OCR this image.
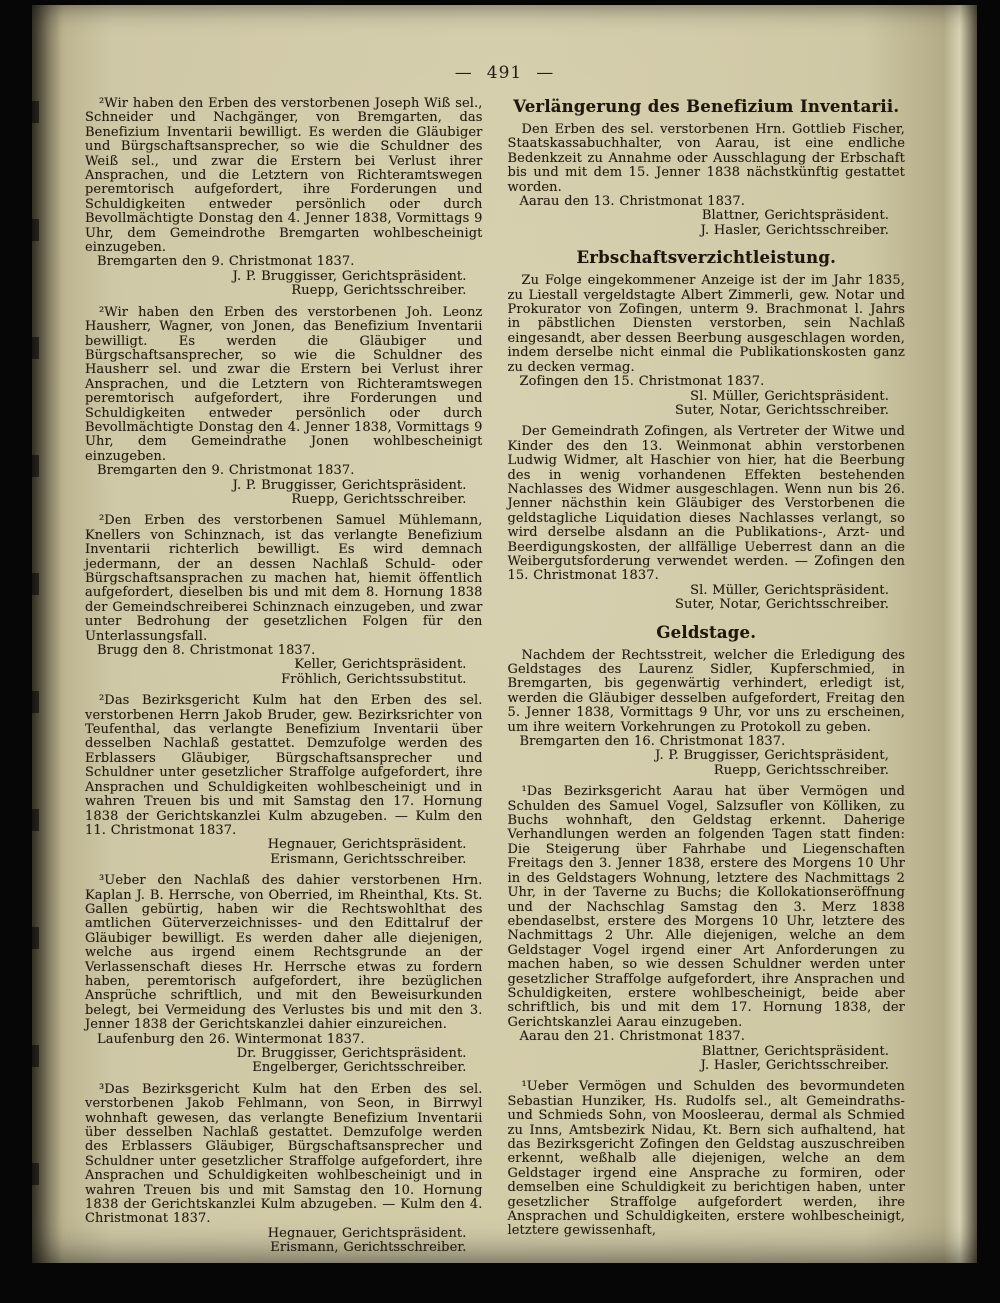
— 491 —

²Wir haben den Erben des verstorbenen Joseph Wiß sel., Schneider und Nachgänger, von Bremgarten, das Benefizium Inventarii bewilligt. Es werden die Gläubiger und Bürgschaftsansprecher, so wie die Schuldner des Weiß sel., und zwar die Erstern bei Verlust ihrer Ansprachen, und die Letztern von Richteramtswegen peremtorisch aufgefordert, ihre Forderungen und Schuldigkeiten entweder persönlich oder durch Bevollmächtigte Donstag den 4. Jenner 1838, Vormittags 9 Uhr, dem Gemeindrothe Bremgarten wohlbescheinigt einzugeben.

Bremgarten den 9. Christmonat 1837.

J. P. Bruggisser, Gerichtspräsident.

Ruepp, Gerichtsschreiber.

²Wir haben den Erben des verstorbenen Joh. Leonz Hausherr, Wagner, von Jonen, das Benefizium Inventarii bewilligt. Es werden die Gläubiger und Bürgschaftsansprecher, so wie die Schuldner des Hausherr sel. und zwar die Erstern bei Verlust ihrer Ansprachen, und die Letztern von Richteramtswegen peremtorisch aufgefordert, ihre Forderungen und Schuldigkeiten entweder persönlich oder durch Bevollmächtigte Donstag den 4. Jenner 1838, Vormittags 9 Uhr, dem Gemeindrathe Jonen wohlbescheinigt einzugeben.

Bremgarten den 9. Christmonat 1837.

J. P. Bruggisser, Gerichtspräsident.

Ruepp, Gerichtsschreiber.

²Den Erben des verstorbenen Samuel Mühlemann, Knellers von Schinznach, ist das verlangte Benefizium Inventarii richterlich bewilligt. Es wird demnach jedermann, der an dessen Nachlaß Schuld- oder Bürgschaftsansprachen zu machen hat, hiemit öffentlich aufgefordert, dieselben bis und mit dem 8. Hornung 1838 der Gemeindschreiberei Schinznach einzugeben, und zwar unter Bedrohung der gesetzlichen Folgen für den Unterlassungsfall.

Brugg den 8. Christmonat 1837.

Keller, Gerichtspräsident.

Fröhlich, Gerichtssubstitut.

²Das Bezirksgericht Kulm hat den Erben des sel. verstorbenen Herrn Jakob Bruder, gew. Bezirksrichter von Teufenthal, das verlangte Benefizium Inventarii über desselben Nachlaß gestattet. Demzufolge werden des Erblassers Gläubiger, Bürgschaftsansprecher und Schuldner unter gesetzlicher Straffolge aufgefordert, ihre Ansprachen und Schuldigkeiten wohlbescheinigt und in wahren Treuen bis und mit Samstag den 17. Hornung 1838 der Gerichtskanzlei Kulm abzugeben. — Kulm den 11. Christmonat 1837.

Hegnauer, Gerichtspräsident.

Erismann, Gerichtsschreiber.

³Ueber den Nachlaß des dahier verstorbenen Hrn. Kaplan J. B. Herrsche, von Oberried, im Rheinthal, Kts. St. Gallen gebürtig, haben wir die Rechtswohlthat des amtlichen Güterverzeichnisses- und den Edittalruf der Gläubiger bewilligt. Es werden daher alle diejenigen, welche aus irgend einem Rechtsgrunde an der Verlassenschaft dieses Hr. Herrsche etwas zu fordern haben, peremtorisch aufgefordert, ihre bezüglichen Ansprüche schriftlich, und mit den Beweisurkunden belegt, bei Vermeidung des Verlustes bis und mit den 3. Jenner 1838 der Gerichtskanzlei dahier einzureichen.

Laufenburg den 26. Wintermonat 1837.

Dr. Bruggisser, Gerichtspräsident.

Engelberger, Gerichtsschreiber.

³Das Bezirksgericht Kulm hat den Erben des sel. verstorbenen Jakob Fehlmann, von Seon, in Birrwyl wohnhaft gewesen, das verlangte Benefizium Inventarii über desselben Nachlaß gestattet. Demzufolge werden des Erblassers Gläubiger, Bürgschaftsansprecher und Schuldner unter gesetzlicher Straffolge aufgefordert, ihre Ansprachen und Schuldigkeiten wohlbescheinigt und in wahren Treuen bis und mit Samstag den 10. Hornung 1838 der Gerichtskanzlei Kulm abzugeben. — Kulm den 4. Christmonat 1837.

Hegnauer, Gerichtspräsident.

Erismann, Gerichtsschreiber.

Verlängerung des Benefizium Inventarii.

Den Erben des sel. verstorbenen Hrn. Gottlieb Fischer, Staatskassabuchhalter, von Aarau, ist eine endliche Bedenkzeit zu Annahme oder Ausschlagung der Erbschaft bis und mit dem 15. Jenner 1838 nächstkünftig gestattet worden.

Aarau den 13. Christmonat 1837.

Blattner, Gerichtspräsident.

J. Hasler, Gerichtsschreiber.

Erbschaftsverzichtleistung.

Zu Folge eingekommener Anzeige ist der im Jahr 1835, zu Liestall vergeldstagte Albert Zimmerli, gew. Notar und Prokurator von Zofingen, unterm 9. Brachmonat l. Jahrs in päbstlichen Diensten verstorben, sein Nachlaß eingesandt, aber dessen Beerbung ausgeschlagen worden, indem derselbe nicht einmal die Publikationskosten ganz zu decken vermag.

Zofingen den 15. Christmonat 1837.

Sl. Müller, Gerichtspräsident.

Suter, Notar, Gerichtsschreiber.

Der Gemeindrath Zofingen, als Vertreter der Witwe und Kinder des den 13. Weinmonat abhin verstorbenen Ludwig Widmer, alt Haschier von hier, hat die Beerbung des in wenig vorhandenen Effekten bestehenden Nachlasses des Widmer ausgeschlagen. Wenn nun bis 26. Jenner nächsthin kein Gläubiger des Verstorbenen die geldstagliche Liquidation dieses Nachlasses verlangt, so wird derselbe alsdann an die Publikations-, Arzt- und Beerdigungskosten, der allfällige Ueberrest dann an die Weibergutsforderung verwendet werden. — Zofingen den 15. Christmonat 1837.

Sl. Müller, Gerichtspräsident.

Suter, Notar, Gerichtsschreiber.

Geldstage.

Nachdem der Rechtsstreit, welcher die Erledigung des Geldstages des Laurenz Sidler, Kupferschmied, in Bremgarten, bis gegenwärtig verhindert, erledigt ist, werden die Gläubiger desselben aufgefordert, Freitag den 5. Jenner 1838, Vormittags 9 Uhr, vor uns zu erscheinen, um ihre weitern Vorkehrungen zu Protokoll zu geben.

Bremgarten den 16. Christmonat 1837.

J. P. Bruggisser, Gerichtspräsident,

Ruepp, Gerichtsschreiber.

¹Das Bezirksgericht Aarau hat über Vermögen und Schulden des Samuel Vogel, Salzsufler von Kölliken, zu Buchs wohnhaft, den Geldstag erkennt. Daherige Verhandlungen werden an folgenden Tagen statt finden: Die Steigerung über Fahrhabe und Liegenschaften Freitags den 3. Jenner 1838, erstere des Morgens 10 Uhr in des Geldstagers Wohnung, letztere des Nachmittags 2 Uhr, in der Taverne zu Buchs; die Kollokationseröffnung und der Nachschlag Samstag den 3. Merz 1838 ebendaselbst, erstere des Morgens 10 Uhr, letztere des Nachmittags 2 Uhr. Alle diejenigen, welche an dem Geldstager Vogel irgend einer Art Anforderungen zu machen haben, so wie dessen Schuldner werden unter gesetzlicher Straffolge aufgefordert, ihre Ansprachen und Schuldigkeiten, erstere wohlbescheinigt, beide aber schriftlich, bis und mit dem 17. Hornung 1838, der Gerichtskanzlei Aarau einzugeben.

Aarau den 21. Christmonat 1837.

Blattner, Gerichtspräsident.

J. Hasler, Gerichtsschreiber.

¹Ueber Vermögen und Schulden des bevormundeten Sebastian Hunziker, Hs. Rudolfs sel., alt Gemeindraths- und Schmieds Sohn, von Moosleerau, dermal als Schmied zu Inns, Amtsbezirk Nidau, Kt. Bern sich aufhaltend, hat das Bezirksgericht Zofingen den Geldstag auszuschreiben erkennt, weßhalb alle diejenigen, welche an dem Geldstager irgend eine Ansprache zu formiren, oder demselben eine Schuldigkeit zu berichtigen haben, unter gesetzlicher Straffolge aufgefordert werden, ihre Ansprachen und Schuldigkeiten, erstere wohlbescheinigt, letztere gewissenhaft,
